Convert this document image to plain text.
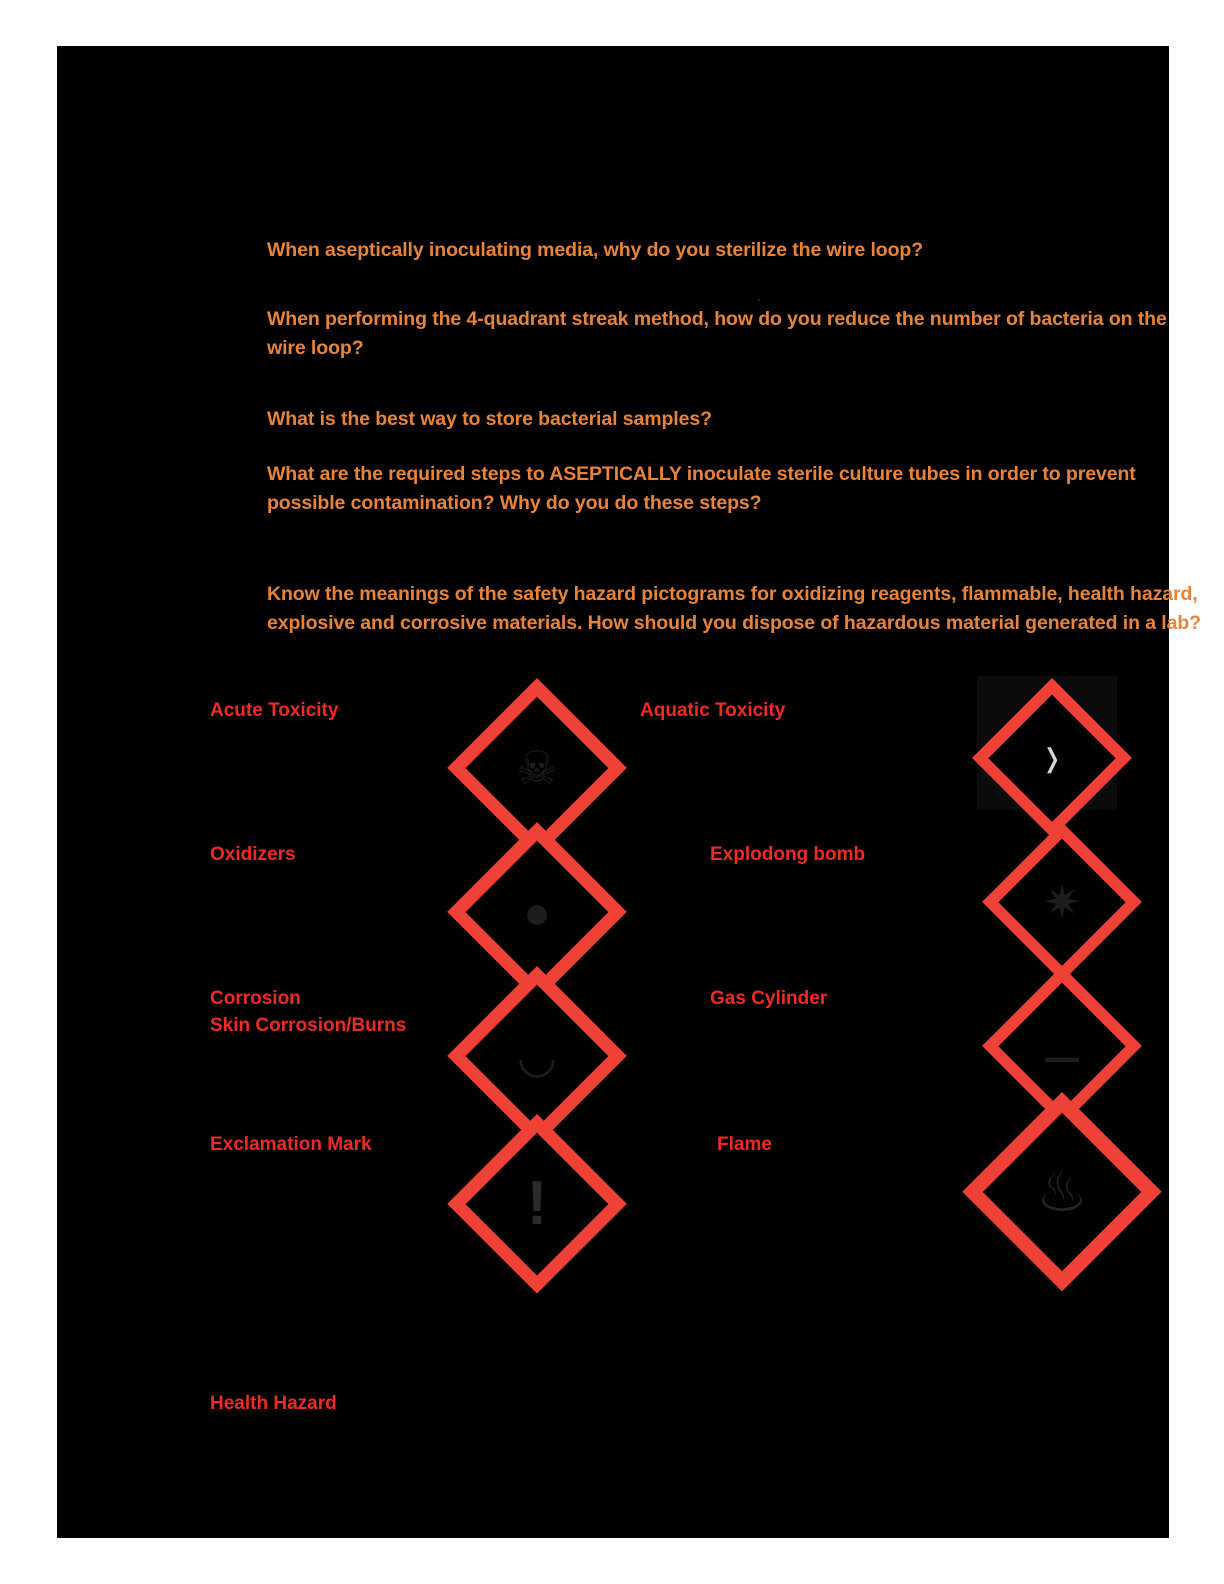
When aseptically inoculating media, why do you sterilize the wire loop?

.

When performing the 4-quadrant streak method, how do you reduce the number of bacteria on the wire loop?

What is the best way to store bacterial samples?

What are the required steps to ASEPTICALLY inoculate sterile culture tubes in order to prevent possible contamination? Why do you do these steps?

Know the meanings of the safety hazard pictograms for oxidizing reagents, flammable, health hazard, explosive and corrosive materials. How should you dispose of hazardous material generated in a lab?

Acute Toxicity
Oxidizers
Corrosion
Skin Corrosion/Burns
Exclamation Mark
Aquatic Toxicity
Explodong bomb
Gas Cylinder
Flame
Health Hazard
☠
●
◡
!
❭
✷
⚊
♨
